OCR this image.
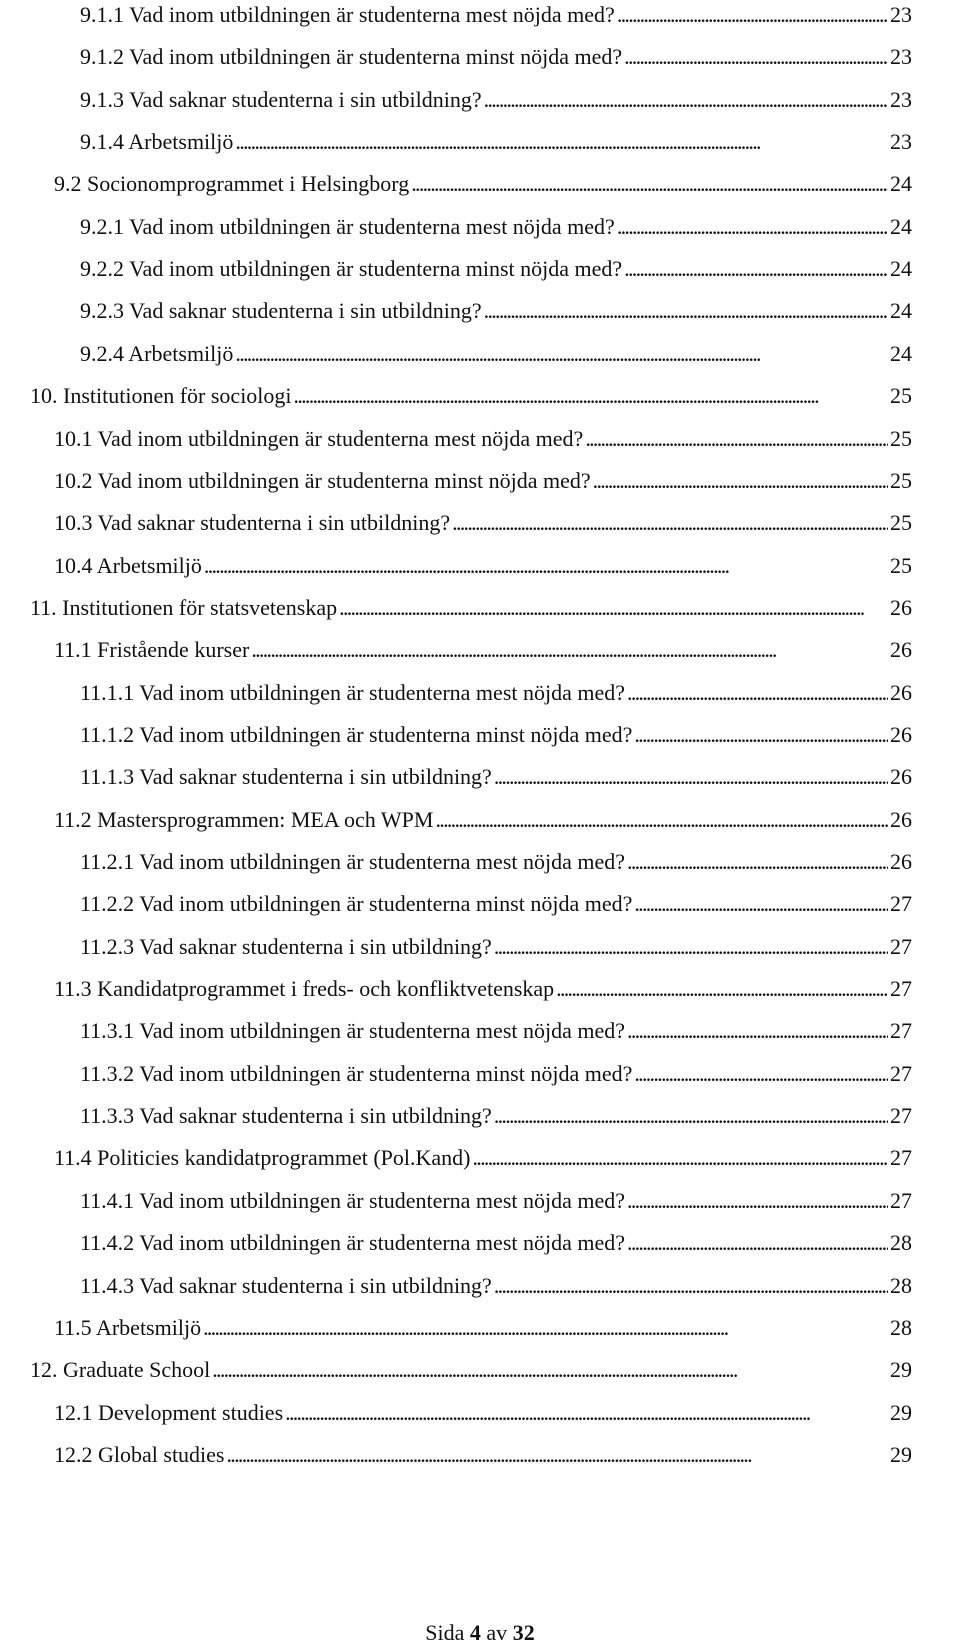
9.1.1 Vad inom utbildningen är studenterna mest nöjda med? . . .	23
9.1.2 Vad inom utbildningen är studenterna minst nöjda med? . . .	23
9.1.3 Vad saknar studenterna i sin utbildning? . . .	23
9.1.4 Arbetsmiljö . . .	23
9.2 Socionomprogrammet i Helsingborg . . .	24
9.2.1 Vad inom utbildningen är studenterna mest nöjda med? . . .	24
9.2.2 Vad inom utbildningen är studenterna minst nöjda med? . . .	24
9.2.3 Vad saknar studenterna i sin utbildning? . . .	24
9.2.4 Arbetsmiljö . . .	24
10. Institutionen för sociologi . . .	25
10.1 Vad inom utbildningen är studenterna mest nöjda med? . . .	25
10.2 Vad inom utbildningen är studenterna minst nöjda med? . . .	25
10.3 Vad saknar studenterna i sin utbildning? . . .	25
10.4 Arbetsmiljö . . .	25
11. Institutionen för statsvetenskap . . .	26
11.1 Fristående kurser . . .	26
11.1.1 Vad inom utbildningen är studenterna mest nöjda med? . . .	26
11.1.2 Vad inom utbildningen är studenterna minst nöjda med? . . .	26
11.1.3 Vad saknar studenterna i sin utbildning? . . .	26
11.2 Mastersprogrammen: MEA och WPM . . .	26
11.2.1 Vad inom utbildningen är studenterna mest nöjda med? . . .	26
11.2.2 Vad inom utbildningen är studenterna minst nöjda med? . . .	27
11.2.3 Vad saknar studenterna i sin utbildning? . . .	27
11.3 Kandidatprogrammet i freds- och konfliktvetenskap . . .	27
11.3.1 Vad inom utbildningen är studenterna mest nöjda med? . . .	27
11.3.2 Vad inom utbildningen är studenterna minst nöjda med? . . .	27
11.3.3 Vad saknar studenterna i sin utbildning? . . .	27
11.4 Politicies kandidatprogrammet (Pol.Kand) . . .	27
11.4.1 Vad inom utbildningen är studenterna mest nöjda med? . . .	27
11.4.2 Vad inom utbildningen är studenterna mest nöjda med? . . .	28
11.4.3 Vad saknar studenterna i sin utbildning? . . .	28
11.5 Arbetsmiljö . . .	28
12. Graduate School . . .	29
12.1 Development studies . . .	29
12.2 Global studies . . .	29
Sida 4 av 32
